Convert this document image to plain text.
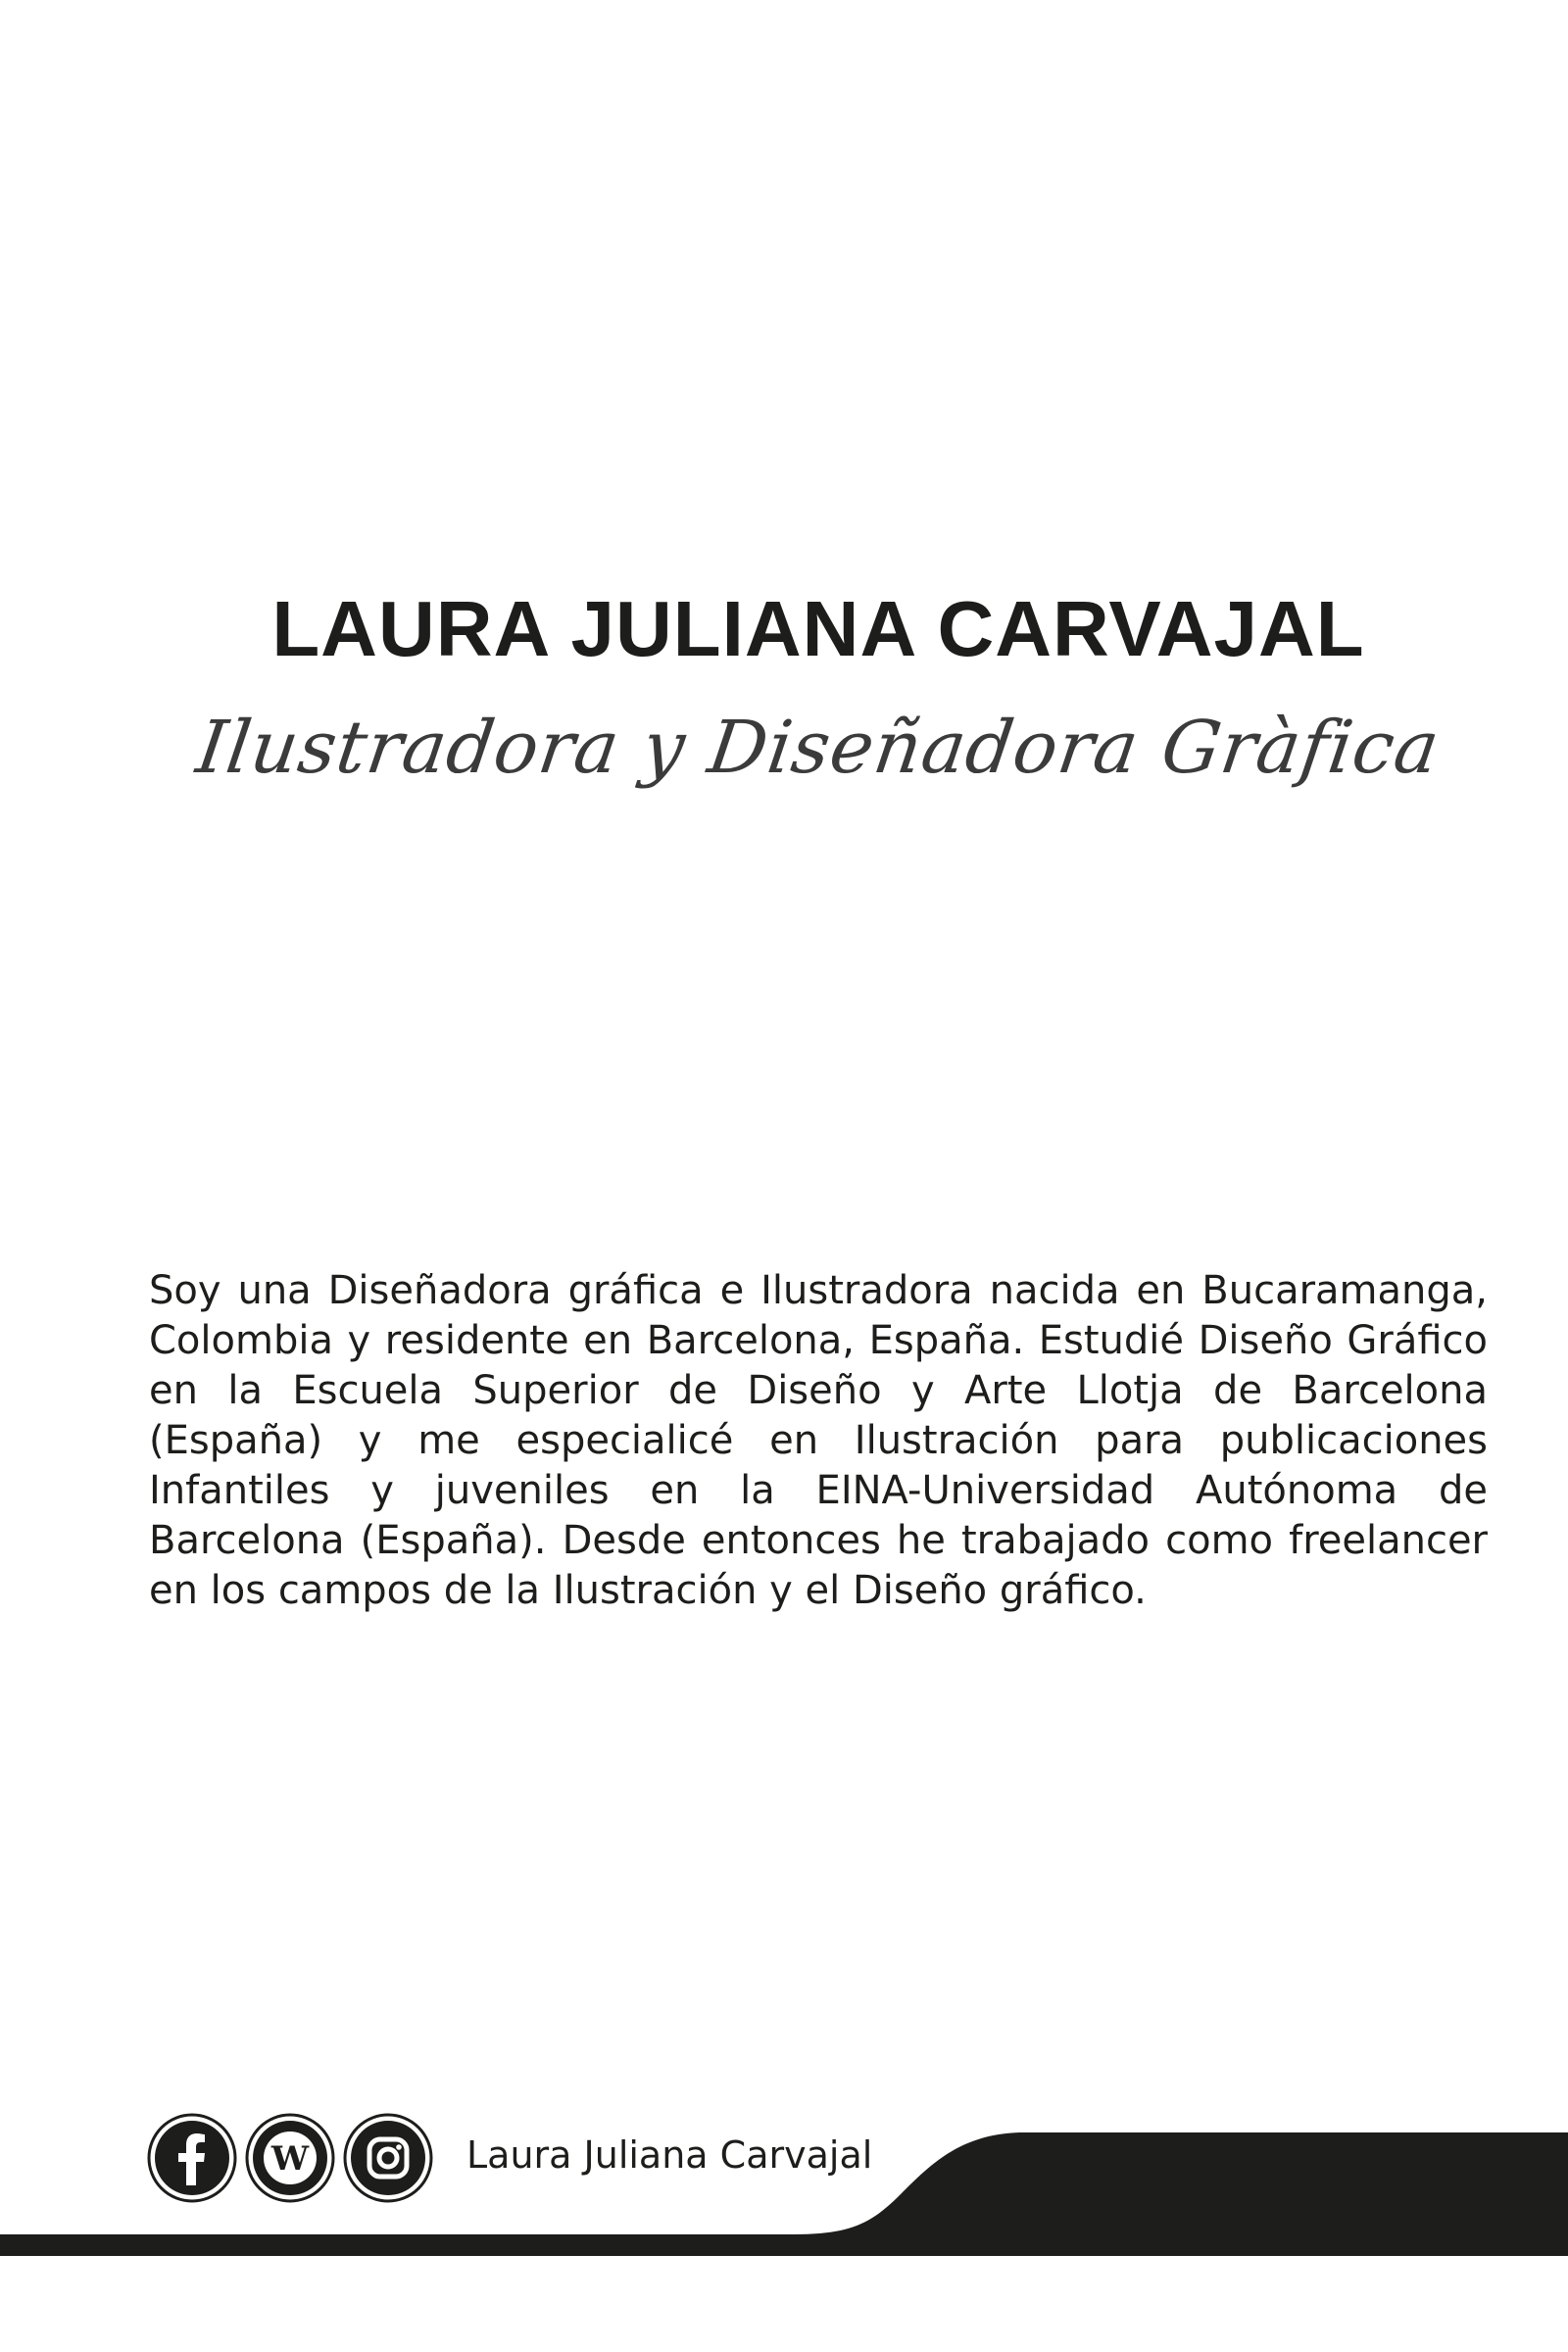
LAURA JULIANA CARVAJAL
Ilustradora y Diseñadora Gràfica
Soy una Diseñadora gráfica e Ilustradora nacida en Bucaramanga, Colombia y residente en Barcelona, España. Estudié Diseño Gráfico en la Escuela Superior de Diseño y Arte Llotja de Barcelona (España) y me especialicé en Ilustración para publicaciones Infantiles y juveniles en la EINA-Universidad Autónoma de Barcelona (España). Desde entonces he trabajado como freelancer en los campos de la Ilustración y el Diseño gráfico.
W	Laura Juliana Carvajal
